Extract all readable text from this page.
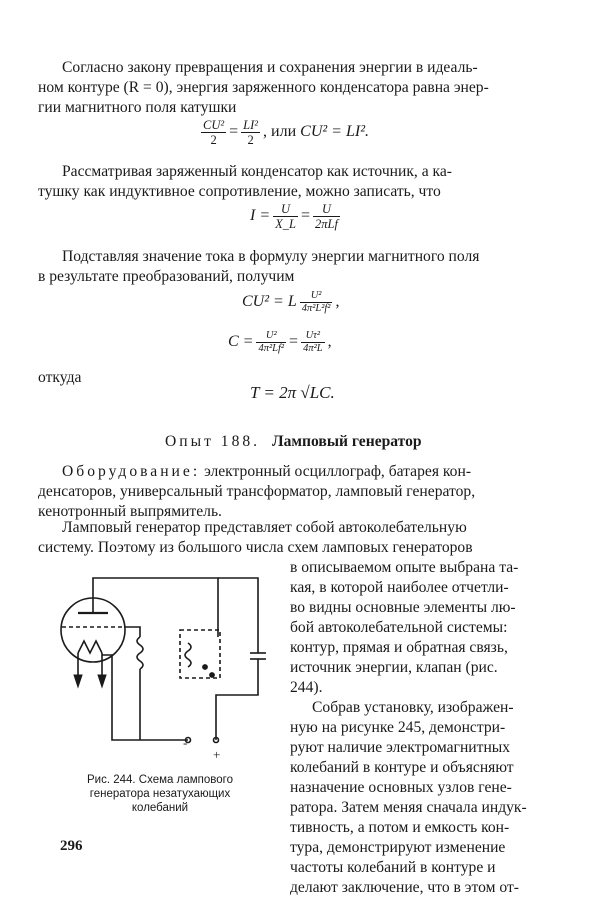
Согласно закону превращения и сохранения энергии в идеаль-
ном контуре (R = 0), энергия заряженного конденсатора равна энер-
гии магнитного поля катушки
$\frac{\text{CU²}}{2} = \frac{\text{LI²}}{2}$ , или CU² = LI².
Рассматривая заряженный конденсатор как источник, а ка-
тушку как индуктивное сопротивление, можно записать, что
$I = \frac{U}{X\_L} = \frac{U}{\text{2πLf}}$
Подставляя значение тока в формулу энергии магнитного поля
в результате преобразований, получим
CU² = L $\frac{\text{U²}}{\text{4π²L²f²}}$ ,
$C = \frac{\text{U²}}{\text{4π²Lf²}} = \frac{\text{Uτ²}}{\text{4π²L}}$ ,
откуда
T = 2π √LC.
Опыт 188. Ламповый генератор
Оборудование: электронный осциллограф, батарея кон-
денсаторов, универсальный трансформатор, ламповый генератор,
кенотронный выпрямитель.
Ламповый генератор представляет собой автоколебательную
систему. Поэтому из большого числа схем ламповых генераторов
в описываемом опыте выбрана та-
кая, в которой наиболее отчетли-
во видны основные элементы лю-
бой автоколебательной системы:
контур, прямая и обратная связь,
источник энергии, клапан (рис.
244).
Собрав установку, изображен-
ную на рисунке 245, демонстри-
руют наличие электромагнитных
колебаний в контуре и объясняют
назначение основных узлов гене-
ратора. Затем меняя сначала индук-
тивность, а потом и емкость кон-
тура, демонстрируют изменение
частоты колебаний в контуре и
делают заключение, что в этом от-
-
+
Рис. 244. Схема лампового
генератора незатухающих
колебаний
296
